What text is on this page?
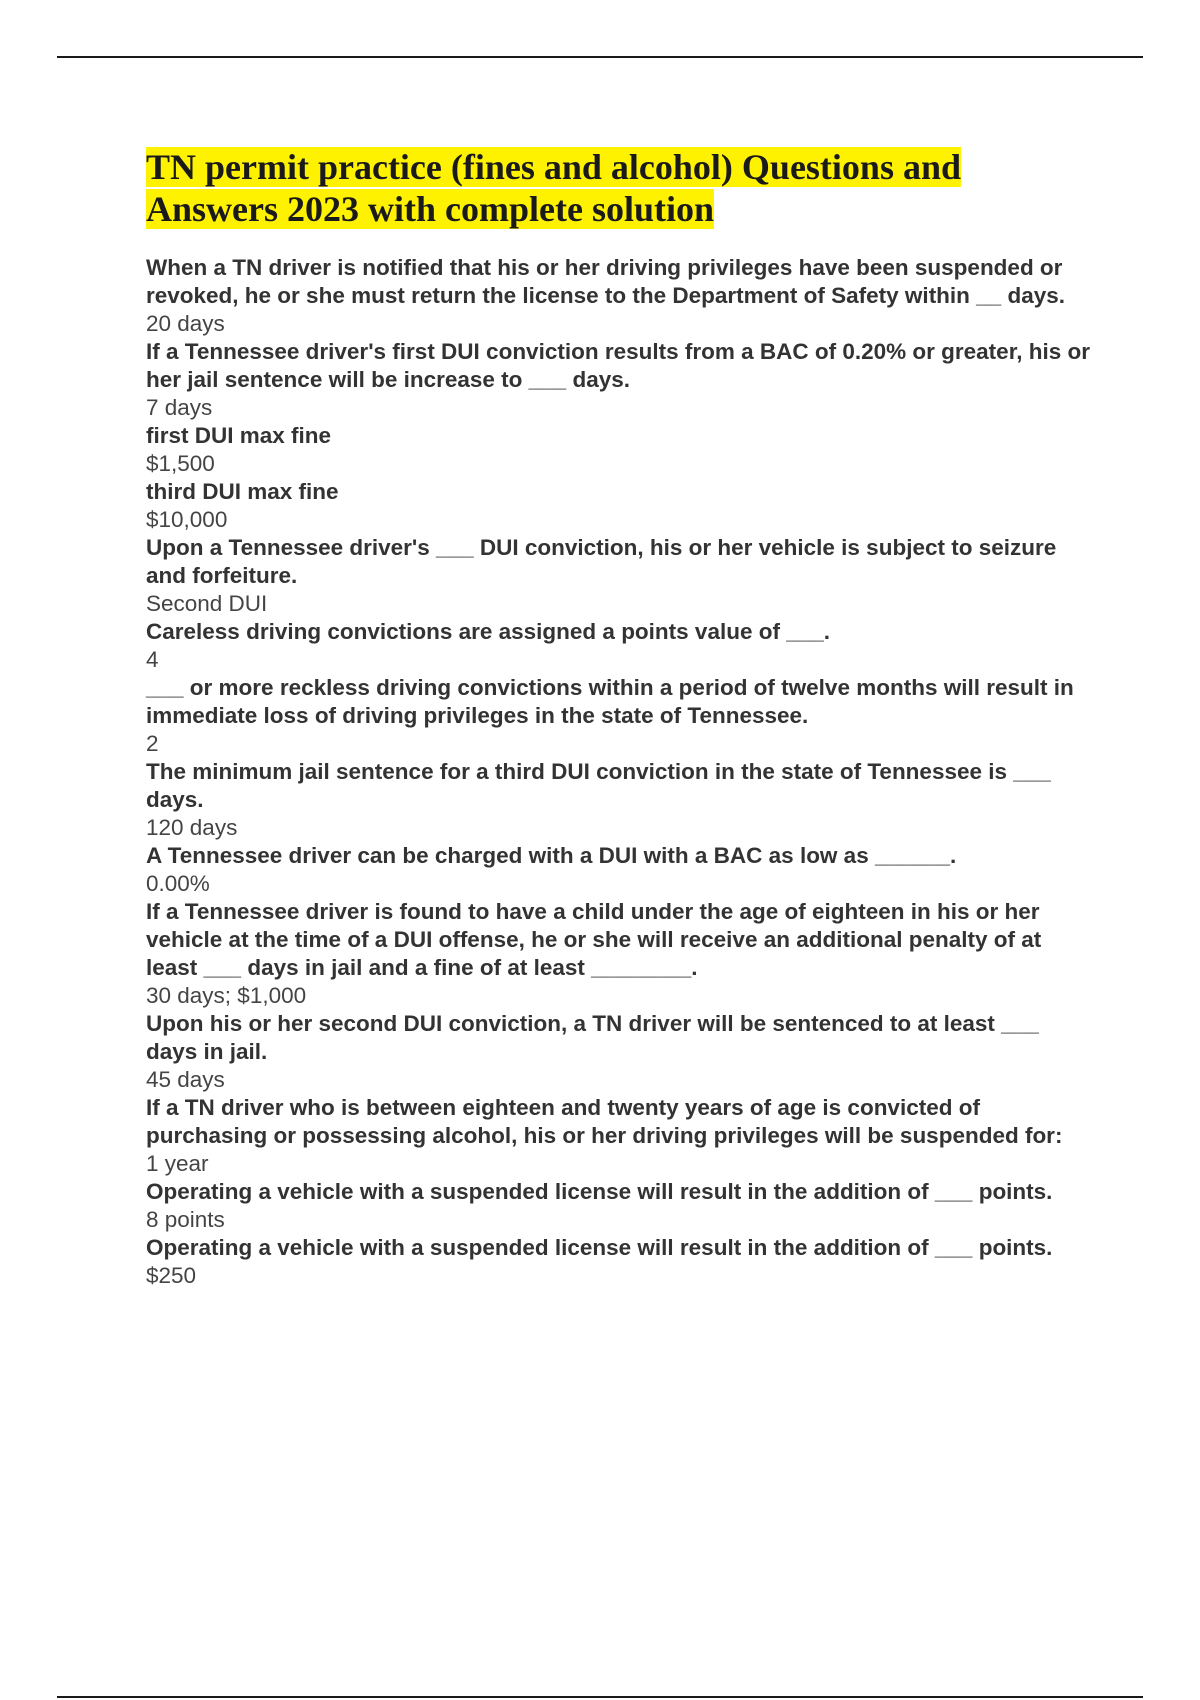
TN permit practice (fines and alcohol) Questions and Answers 2023 with complete solution

When a TN driver is notified that his or her driving privileges have been suspended or revoked, he or she must return the license to the Department of Safety within __ days.

20 days

If a Tennessee driver's first DUI conviction results from a BAC of 0.20% or greater, his or her jail sentence will be increase to ___ days.

7 days

first DUI max fine

$1,500

third DUI max fine

$10,000

Upon a Tennessee driver's ___ DUI conviction, his or her vehicle is subject to seizure and forfeiture.

Second DUI

Careless driving convictions are assigned a points value of ___.

4

___ or more reckless driving convictions within a period of twelve months will result in immediate loss of driving privileges in the state of Tennessee.

2

The minimum jail sentence for a third DUI conviction in the state of Tennessee is ___ days.

120 days

A Tennessee driver can be charged with a DUI with a BAC as low as ______.

0.00%

If a Tennessee driver is found to have a child under the age of eighteen in his or her vehicle at the time of a DUI offense, he or she will receive an additional penalty of at least ___ days in jail and a fine of at least ________.

30 days; $1,000

Upon his or her second DUI conviction, a TN driver will be sentenced to at least ___ days in jail.

45 days

If a TN driver who is between eighteen and twenty years of age is convicted of purchasing or possessing alcohol, his or her driving privileges will be suspended for:

1 year

Operating a vehicle with a suspended license will result in the addition of ___ points.

8 points

Operating a vehicle with a suspended license will result in the addition of ___ points.

$250
